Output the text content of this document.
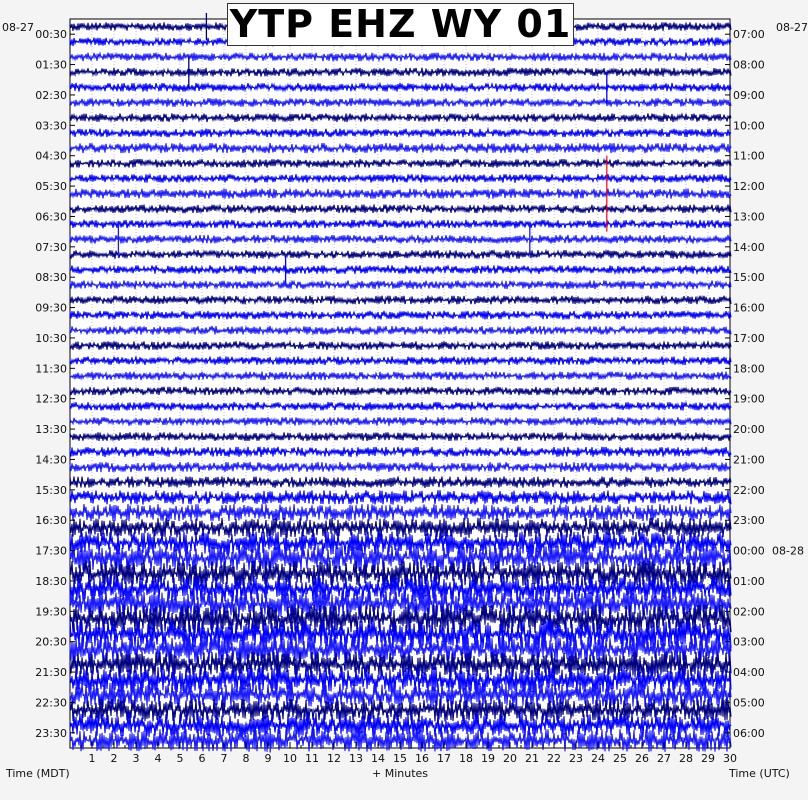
1 2 3 4 5 6 7 8 9 10 11 12 13 14 15 16 17 18 19 20 21 22 23 24 25 26 27 28 29 30
00:30	07:00
01:30	08:00
02:30	09:00
03:30	10:00
04:30	11:00
05:30	12:00
06:30	13:00
07:30	14:00
08:30	15:00
09:30	16:00
10:30	17:00
11:30	18:00
12:30	19:00
13:30	20:00
14:30	21:00
15:30	22:00
16:30	23:00
17:30	00:00 08-28
18:30	01:00
19:30	02:00
20:30	03:00
21:30	04:00
22:30	05:00
23:30	06:00
YTP EHZ WY 01
08-27	08-27
Time (MDT)	+ Minutes	Time (UTC)
